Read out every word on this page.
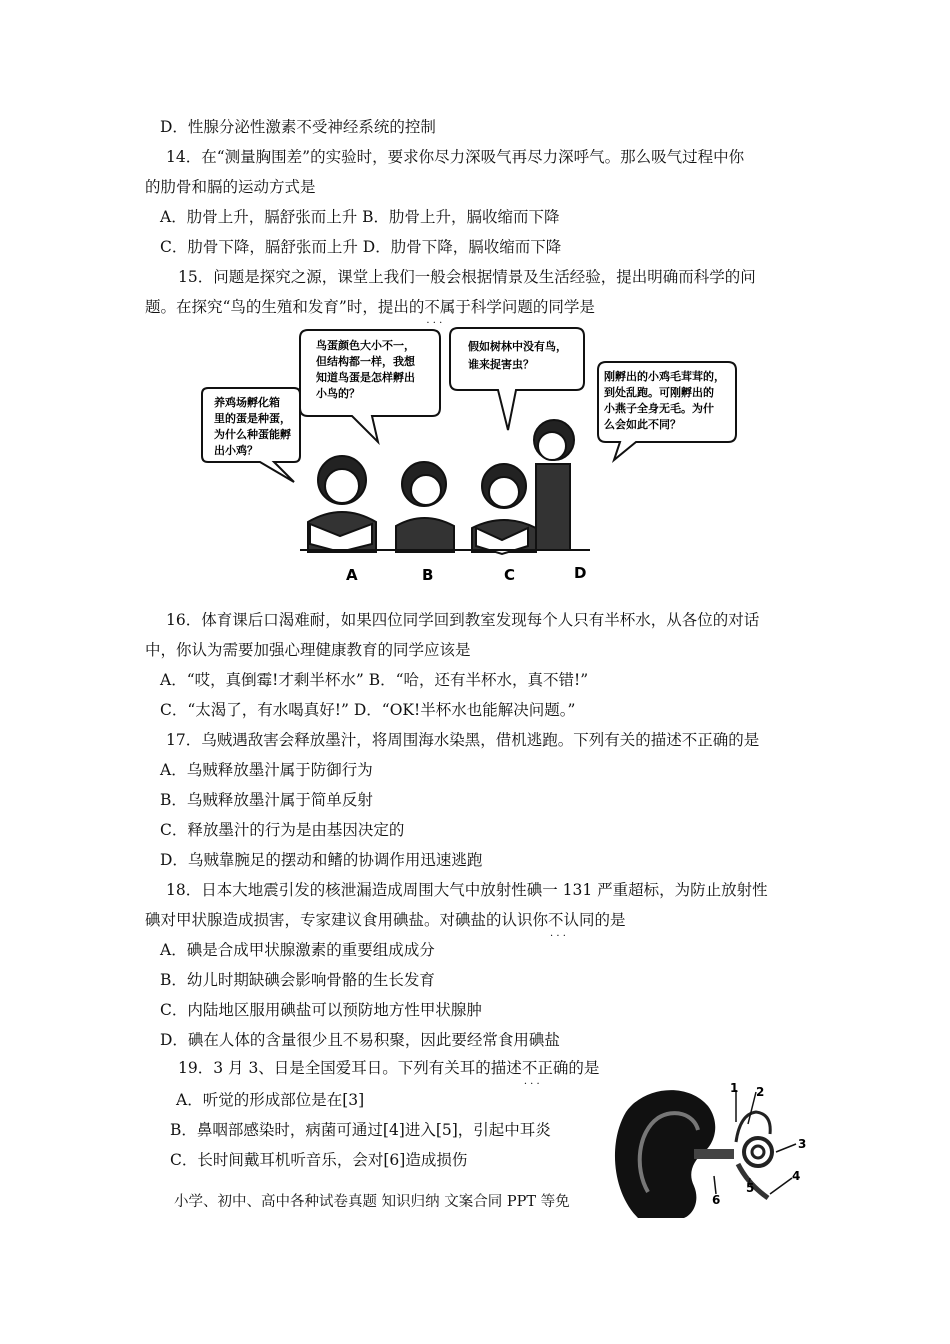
D．性腺分泌性激素不受神经系统的控制
14．在“测量胸围差”的实验时，要求你尽力深吸气再尽力深呼气。那么吸气过程中你
的肋骨和膈的运动方式是
A．肋骨上升，膈舒张而上升 B．肋骨上升，膈收缩而下降
C．肋骨下降，膈舒张而上升 D．肋骨下降，膈收缩而下降
15．问题是探究之源，课堂上我们一般会根据情景及生活经验，提出明确而科学的问
题。在探究“鸟的生殖和发育”时，提出的不属于 · · ·科学问题的同学是
养鸡场孵化箱
里的蛋是种蛋，
为什么种蛋能孵
出小鸡？
鸟蛋颜色大小不一，
但结构都一样，我想
知道鸟蛋是怎样孵出
小鸟的？
假如树林中没有鸟，
谁来捉害虫？
刚孵出的小鸡毛茸茸的，
到处乱跑。可刚孵出的
小燕子全身无毛。为什
么会如此不同？
A	B	C	D
16．体育课后口渴难耐，如果四位同学回到教室发现每个人只有半杯水，从各位的对话
中，你认为需要加强心理健康教育的同学应该是
A．“哎，真倒霉!才剩半杯水” B．“哈，还有半杯水，真不错!”
C．“太渴了，有水喝真好!” D．“OK!半杯水也能解决问题。”
17．乌贼遇敌害会释放墨汁，将周围海水染黑，借机逃跑。下列有关的描述不正确的是
A．乌贼释放墨汁属于防御行为
B．乌贼释放墨汁属于简单反射
C．释放墨汁的行为是由基因决定的
D．乌贼靠腕足的摆动和鳍的协调作用迅速逃跑
18．日本大地震引发的核泄漏造成周围大气中放射性碘一 131 严重超标，为防止放射性
碘对甲状腺造成损害，专家建议食用碘盐。对碘盐的认识你不认同 · · ·的是
A．碘是合成甲状腺激素的重要组成成分
B．幼儿时期缺碘会影响骨骼的生长发育
C．内陆地区服用碘盐可以预防地方性甲状腺肿
D．碘在人体的含量很少且不易积聚，因此要经常食用碘盐
19．3 月 3、日是全国爱耳日。下列有关耳的描述不正确 · · ·的是
A．听觉的形成部位是在[3]
B．鼻咽部感染时，病菌可通过[4]进入[5]，引起中耳炎
C．长时间戴耳机听音乐，会对[6]造成损伤
1 2
3
4
5
6
小学、初中、高中各种试卷真题 知识归纳 文案合同 PPT 等免
